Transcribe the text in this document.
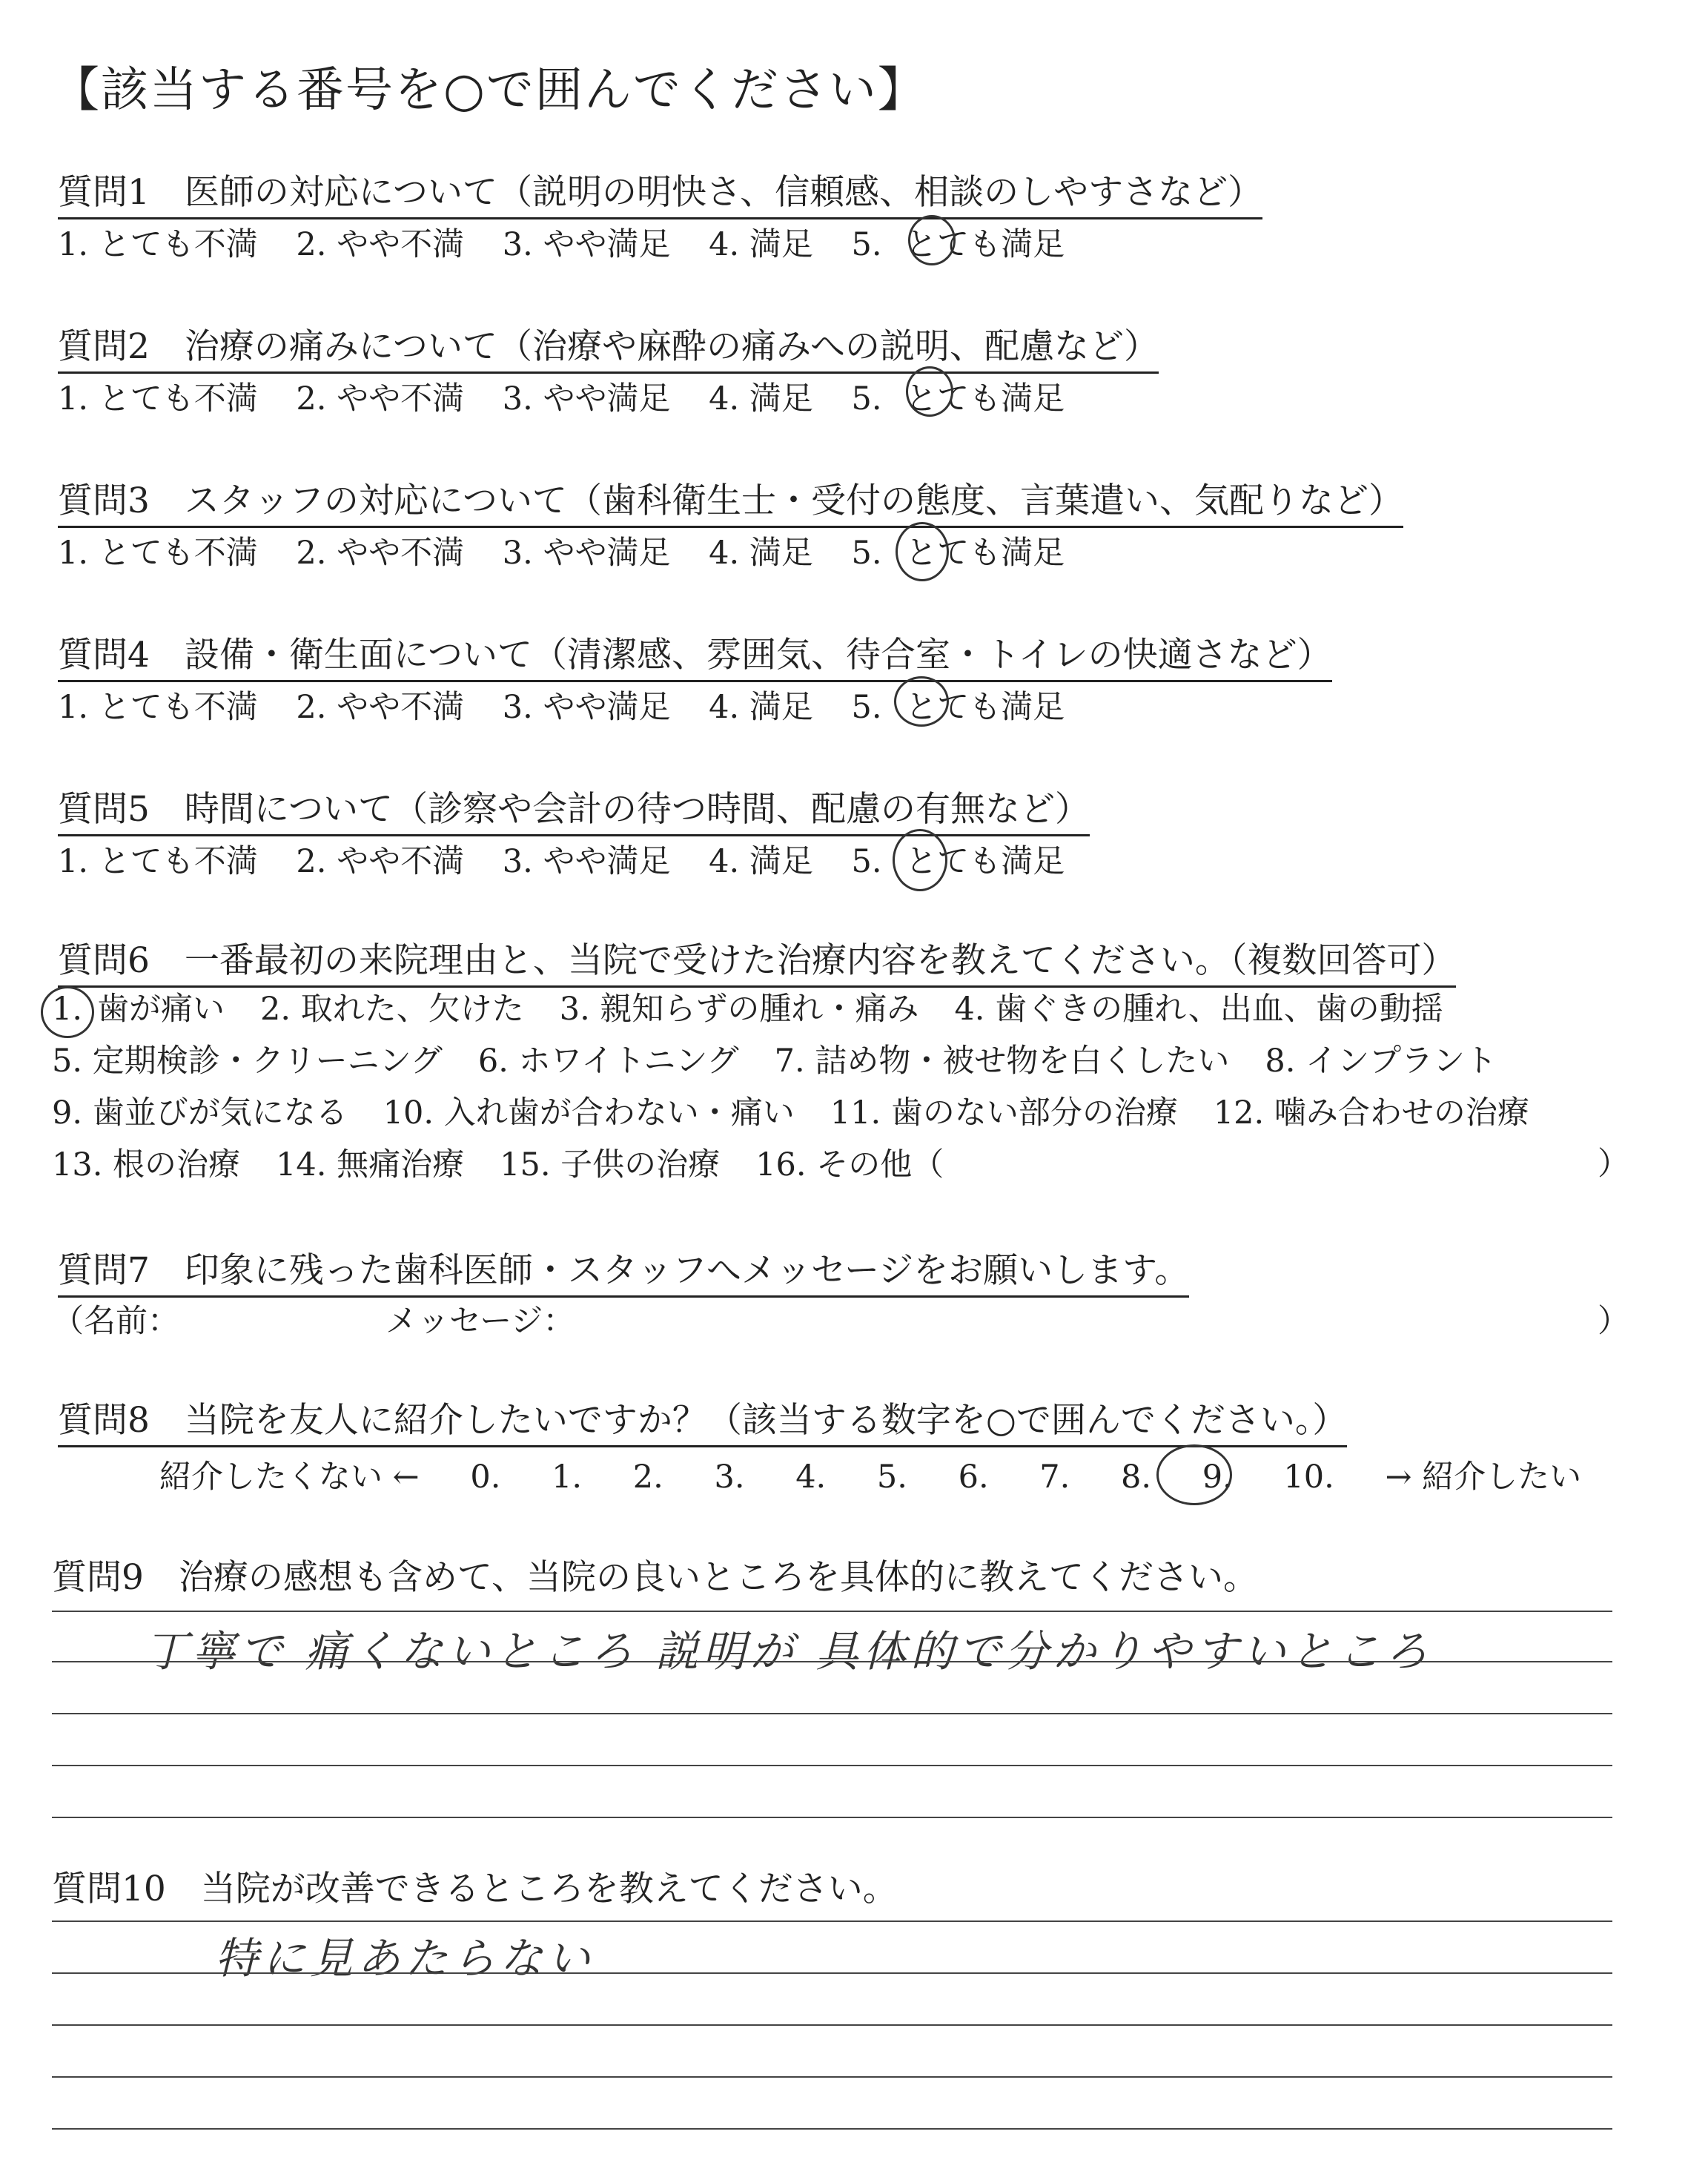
【該当する番号を○で囲んでください】
質問1　医師の対応について（説明の明快さ、信頼感、相談のしやすさなど）
1. とても不満 2. やや不満 3. やや満足 4. 満足 5. とても満足
質問2　治療の痛みについて（治療や麻酔の痛みへの説明、配慮など）
1. とても不満 2. やや不満 3. やや満足 4. 満足 5. とても満足
質問3　スタッフの対応について（歯科衛生士・受付の態度、言葉遣い、気配りなど）
1. とても不満 2. やや不満 3. やや満足 4. 満足 5. とても満足
質問4　設備・衛生面について（清潔感、雰囲気、待合室・トイレの快適さなど）
1. とても不満 2. やや不満 3. やや満足 4. 満足 5. とても満足
質問5　時間について（診察や会計の待つ時間、配慮の有無など）
1. とても不満 2. やや不満 3. やや満足 4. 満足 5. とても満足
質問6　一番最初の来院理由と、当院で受けた治療内容を教えてください。（複数回答可）
1. 歯が痛い 2. 取れた、欠けた 3. 親知らずの腫れ・痛み 4. 歯ぐきの腫れ、出血、歯の動揺
5. 定期検診・クリーニング 6. ホワイトニング 7. 詰め物・被せ物を白くしたい 8. インプラント
9. 歯並びが気になる 10. 入れ歯が合わない・痛い 11. 歯のない部分の治療 12. 噛み合わせの治療
13. 根の治療 14. 無痛治療 15. 子供の治療 16. その他（	）
質問7　印象に残った歯科医師・スタッフへメッセージをお願いします。
（名前：	メッセージ：	）
質問8　当院を友人に紹介したいですか？（該当する数字を○で囲んでください。）
紹介したくない ← 0. 1. 2. 3. 4. 5. 6. 7. 8. 9. 10. → 紹介したい
質問9　治療の感想も含めて、当院の良いところを具体的に教えてください。
丁寧で 痛くないところ 説明が 具体的で分かりやすいところ
質問10　当院が改善できるところを教えてください。
特に見あたらない
